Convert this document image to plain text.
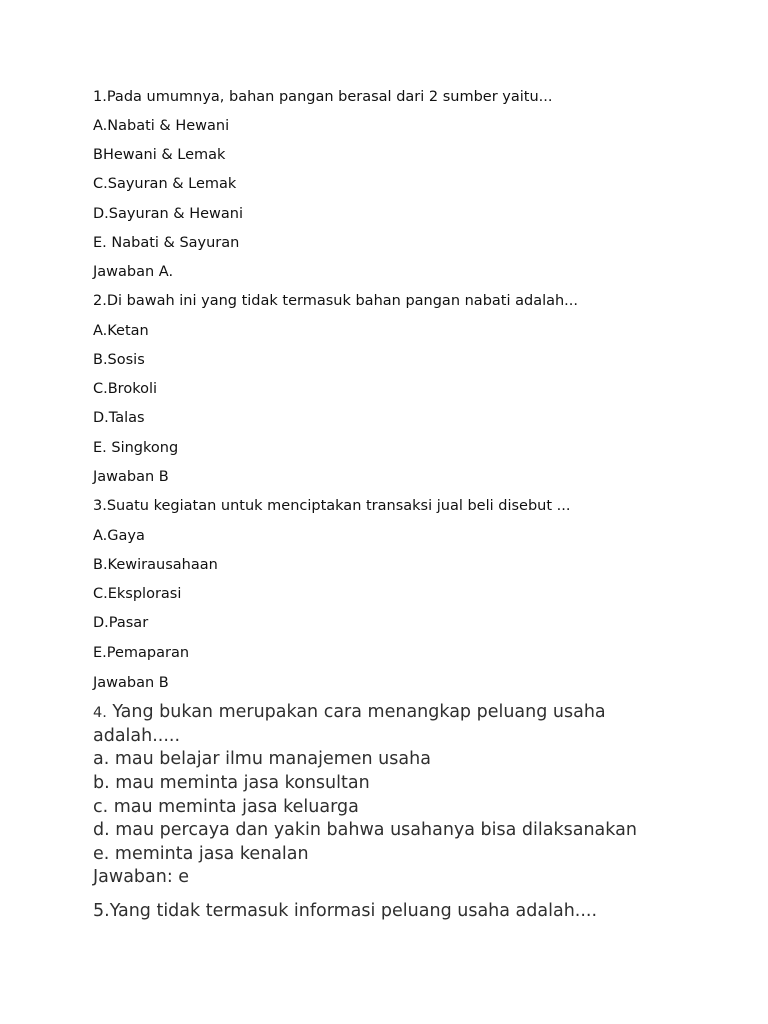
1.Pada umumnya, bahan pangan berasal dari 2 sumber yaitu...
A.Nabati & Hewani
BHewani & Lemak
C.Sayuran & Lemak
D.Sayuran & Hewani
E. Nabati & Sayuran
Jawaban A.
2.Di bawah ini yang tidak termasuk bahan pangan nabati adalah...
A.Ketan
B.Sosis
C.Brokoli
D.Talas
E. Singkong
Jawaban B
3.Suatu kegiatan untuk menciptakan transaksi jual beli disebut ...
A.Gaya
B.Kewirausahaan
C.Eksplorasi
D.Pasar
E.Pemaparan
Jawaban B
4. Yang bukan merupakan cara menangkap peluang usaha
adalah.....
a. mau belajar ilmu manajemen usaha
b. mau meminta jasa konsultan
c. mau meminta jasa keluarga
d. mau percaya dan yakin bahwa usahanya bisa dilaksanakan
e. meminta jasa kenalan
Jawaban: e
5.Yang tidak termasuk informasi peluang usaha adalah....
